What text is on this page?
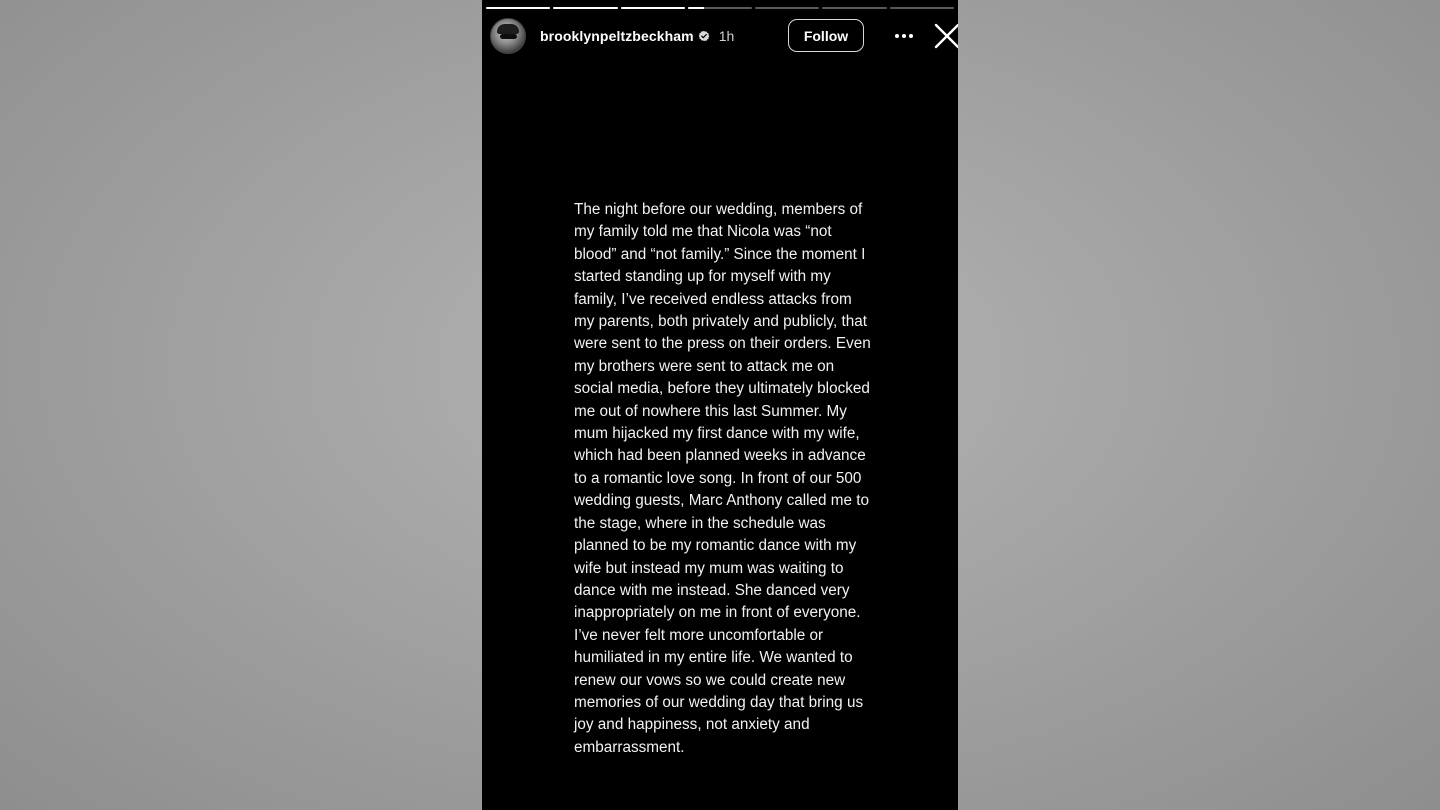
brooklynpeltzbeckham 1h	Follow

The night before our wedding, members of
my family told me that Nicola was “not
blood” and “not family.” Since the moment I
started standing up for myself with my
family, I’ve received endless attacks from
my parents, both privately and publicly, that
were sent to the press on their orders. Even
my brothers were sent to attack me on
social media, before they ultimately blocked
me out of nowhere this last Summer. My
mum hijacked my first dance with my wife,
which had been planned weeks in advance
to a romantic love song. In front of our 500
wedding guests, Marc Anthony called me to
the stage, where in the schedule was
planned to be my romantic dance with my
wife but instead my mum was waiting to
dance with me instead. She danced very
inappropriately on me in front of everyone.
I’ve never felt more uncomfortable or
humiliated in my entire life. We wanted to
renew our vows so we could create new
memories of our wedding day that bring us
joy and happiness, not anxiety and
embarrassment.
